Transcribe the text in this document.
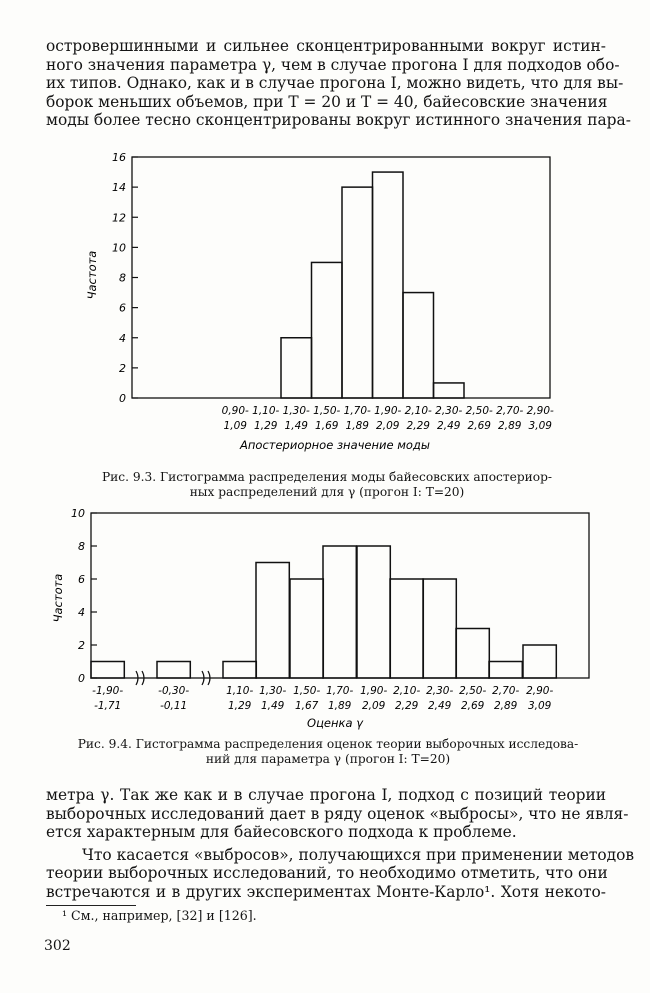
островершинными и сильнее сконцентрированными вокруг истин-
ного значения параметра γ, чем в случае прогона I для подходов обо-
их типов. Однако, как и в случае прогона I, можно видеть, что для вы-
борок меньших объемов, при T = 20 и T = 40, байесовские значения
моды более тесно сконцентрированы вокруг истинного значения пара-
0
2
4
6
8
10
12
14
16
0,90-
1,09
1,10-
1,29
1,30-
1,49
1,50-
1,69
1,70-
1,89
1,90-
2,09
2,10-
2,29
2,30-
2,49
2,50-
2,69
2,70-
2,89
2,90-
3,09
Апостериорное значение моды
Частота
Рис. 9.3. Гистограмма распределения моды байесовских апостериор-
ных распределений для γ (прогон I: T=20)
0
2
4
6
8
10
-1,90-
-1,71
-0,30-
-0,11
1,10-
1,29
1,30-
1,49
1,50-
1,67
1,70-
1,89
1,90-
2,09
2,10-
2,29
2,30-
2,49
2,50-
2,69
2,70-
2,89
2,90-
3,09
Оценка γ
Частота
Рис. 9.4. Гистограмма распределения оценок теории выборочных исследова-
ний для параметра γ (прогон I: T=20)
метра γ. Так же как и в случае прогона I, подход с позиций теории
выборочных исследований дает в ряду оценок «выбросы», что не явля-
ется характерным для байесовского подхода к проблеме.
Что касается «выбросов», получающихся при применении методов
теории выборочных исследований, то необходимо отметить, что они
встречаются и в других экспериментах Монте-Карло¹. Хотя некото-
¹ См., например, [32] и [126].
302
